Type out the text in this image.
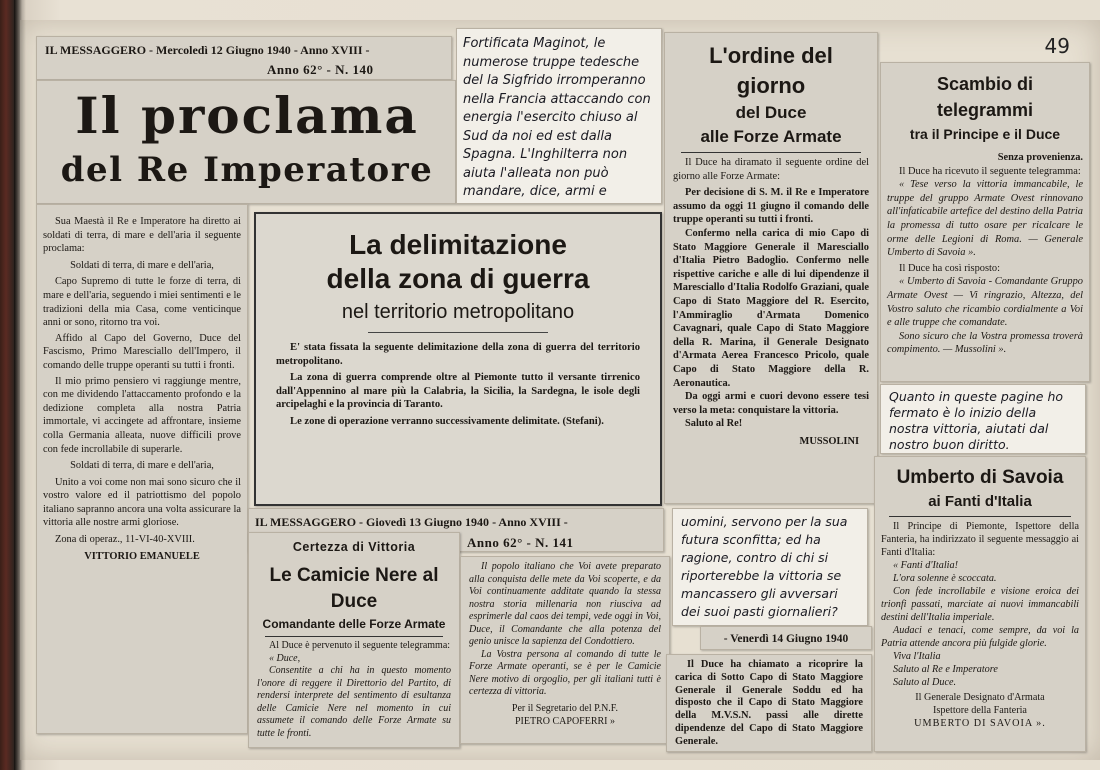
49
IL MESSAGGERO - Mercoledì 12 Giugno 1940 - Anno XVIII -
Anno 62° - N. 140
Il proclama
del Re Imperatore
Sua Maestà il Re e Imperatore ha diretto ai soldati di terra, di mare e dell'aria il seguente proclama:
Soldati di terra, di mare e dell'aria,
Capo Supremo di tutte le forze di terra, di mare e dell'aria, seguendo i miei sentimenti e le tradizioni della mia Casa, come venticinque anni or sono, ritorno tra voi.
Affido al Capo del Governo, Duce del Fascismo, Primo Maresciallo dell'Impero, il comando delle truppe operanti su tutti i fronti.
Il mio primo pensiero vi raggiunge mentre, con me dividendo l'attaccamento profondo e la dedizione completa alla nostra Patria immortale, vi accingete ad affrontare, insieme colla Germania alleata, nuove difficili prove con fede incrollabile di superarle.
Soldati di terra, di mare e dell'aria,
Unito a voi come non mai sono sicuro che il vostro valore ed il patriottismo del popolo italiano sapranno ancora una volta assicurare la vittoria alle nostre armi gloriose.
Zona di operaz., 11-VI-40-XVIII.
VITTORIO EMANUELE
Fortificata Maginot, le numerose truppe tedesche del la Sigfrido irromperanno nella Francia attaccando con energia l'esercito chiuso al Sud da noi ed est dalla Spagna. L'Inghilterra non aiuta l'alleata non può mandare, dice, armi e
La delimitazione
della zona di guerra
nel territorio metropolitano
E' stata fissata la seguente delimitazione della zona di guerra del territorio metropolitano.
La zona di guerra comprende oltre al Piemonte tutto il versante tirrenico dall'Appennino al mare più la Calabria, la Sicilia, la Sardegna, le isole degli arcipelaghi e la provincia di Taranto.
Le zone di operazione verranno successivamente delimitate. (Stefani).
L'ordine del giorno
del Duce
alle Forze Armate
Il Duce ha diramato il seguente ordine del giorno alle Forze Armate:
Per decisione di S. M. il Re e Imperatore assumo da oggi 11 giugno il comando delle truppe operanti su tutti i fronti.
Confermo nella carica di mio Capo di Stato Maggiore Generale il Maresciallo d'Italia Pietro Badoglio. Confermo nelle rispettive cariche e alle di lui dipendenze il Maresciallo d'Italia Rodolfo Graziani, quale Capo di Stato Maggiore del R. Esercito, l'Ammiraglio d'Armata Domenico Cavagnari, quale Capo di Stato Maggiore della R. Marina, il Generale Designato d'Armata Aerea Francesco Pricolo, quale Capo di Stato Maggiore della R. Aeronautica.
Da oggi armi e cuori devono essere tesi verso la meta: conquistare la vittoria.
Saluto al Re!
MUSSOLINI
Scambio di telegrammi
tra il Principe e il Duce
Senza provenienza.
Il Duce ha ricevuto il seguente telegramma:
« Tese verso la vittoria immancabile, le truppe del gruppo Armate Ovest rinnovano all'infaticabile artefice del destino della Patria la promessa di tutto osare per ricalcare le orme delle Legioni di Roma. — Generale Umberto di Savoia ».
Il Duce ha così risposto:
« Umberto di Savoia - Comandante Gruppo Armate Ovest — Vi ringrazio, Altezza, del Vostro saluto che ricambio cordialmente a Voi e alle truppe che comandate.
Sono sicuro che la Vostra promessa troverà compimento. — Mussolini ».
Quanto in queste pagine ho fermato è lo inizio della nostra vittoria, aiutati dal nostro buon diritto.
IL MESSAGGERO - Giovedì 13 Giugno 1940 - Anno XVIII -
Anno 62° - N. 141
Certezza di Vittoria
Le Camicie Nere al Duce
Comandante delle Forze Armate
Al Duce è pervenuto il seguente telegramma:
« Duce,
Consentite a chi ha in questo momento l'onore di reggere il Direttorio del Partito, di rendersi interprete del sentimento di esultanza delle Camicie Nere nel momento in cui assumete il comando delle Forze Armate su tutte le fronti.
Il popolo italiano che Voi avete preparato alla conquista delle mete da Voi scoperte, e da Voi continuamente additate quando la stessa nostra storia millenaria non riusciva ad esprimerle dal caos dei tempi, vede oggi in Voi, Duce, il Comandante che alla potenza del genio unisce la sapienza del Condottiero.
La Vostra persona al comando di tutte le Forze Armate operanti, se è per le Camicie Nere motivo di orgoglio, per gli italiani tutti è certezza di vittoria.
Per il Segretario del P.N.F.
PIETRO CAPOFERRI »
uomini, servono per la sua futura sconfitta; ed ha ragione, contro di chi si riporterebbe la vittoria se mancassero gli avversari dei suoi pasti giornalieri?
- Venerdì 14 Giugno 1940
Il Duce ha chiamato a ricoprire la carica di Sotto Capo di Stato Maggiore Generale il Generale Soddu ed ha disposto che il Capo di Stato Maggiore della M.V.S.N. passi alle dirette dipendenze del Capo di Stato Maggiore Generale.
Umberto di Savoia
ai Fanti d'Italia
Il Principe di Piemonte, Ispettore della Fanteria, ha indirizzato il seguente messaggio ai Fanti d'Italia:
« Fanti d'Italia!
L'ora solenne è scoccata.
Con fede incrollabile e visione eroica dei trionfi passati, marciate ai nuovi immancabili destini dell'Italia imperiale.
Audaci e tenaci, come sempre, da voi la Patria attende ancora più fulgide glorie.
Viva l'Italia
Saluto al Re e Imperatore
Saluto al Duce.
Il Generale Designato d'Armata
Ispettore della Fanteria
UMBERTO DI SAVOIA ».
